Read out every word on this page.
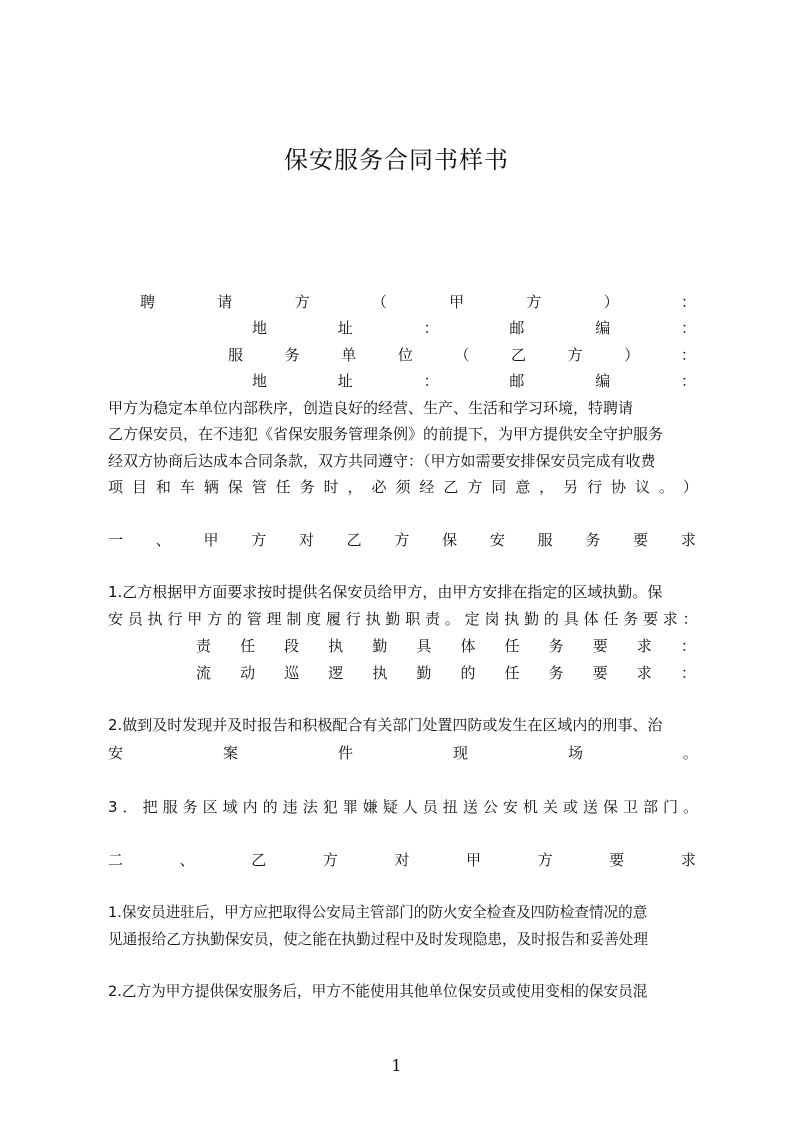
保安服务合同书样书
聘	请	方	（	甲	方	）	：
地	址	：	邮	编	：
服	务	单	位	（	乙	方	）	：
地	址	：	邮	编	：
甲方为稳定本单位内部秩序，创造良好的经营、生产、生活和学习环境，特聘请
乙方保安员，在不违犯《省保安服务管理条例》的前提下，为甲方提供安全守护服务
经双方协商后达成本合同条款，双方共同遵守：（甲方如需要安排保安员完成有收费
项 目 和 车 辆 保 管 任 务 时 ， 必 须 经 乙 方 同 意 ， 另 行 协 议 。 ）
一 、 甲 方 对 乙 方 保 安 服 务 要 求
1.乙方根据甲方面要求按时提供名保安员给甲方，由甲方安排在指定的区域执勤。保
安 员 执 行 甲 方 的 管 理 制 度 履 行 执 勤 职 责 。 定 岗 执 勤 的 具 体 任 务 要 求 ：
责 任 段 执 勤 具 体 任 务 要 求 ：
流 动 巡 逻 执 勤 的 任 务 要 求 ：
2.做到及时发现并及时报告和积极配合有关部门处置四防或发生在区域内的刑事、治
安	案	件	现	场	。
3 ． 把 服 务 区 域 内 的 违 法 犯 罪 嫌 疑 人 员 扭 送 公 安 机 关 或 送 保 卫 部 门 。
二	、	乙	方	对	甲	方	要	求
1.保安员进驻后，甲方应把取得公安局主管部门的防火安全检查及四防检查情况的意
见通报给乙方执勤保安员，使之能在执勤过程中及时发现隐患，及时报告和妥善处理
2.乙方为甲方提供保安服务后，甲方不能使用其他单位保安员或使用变相的保安员混
1
